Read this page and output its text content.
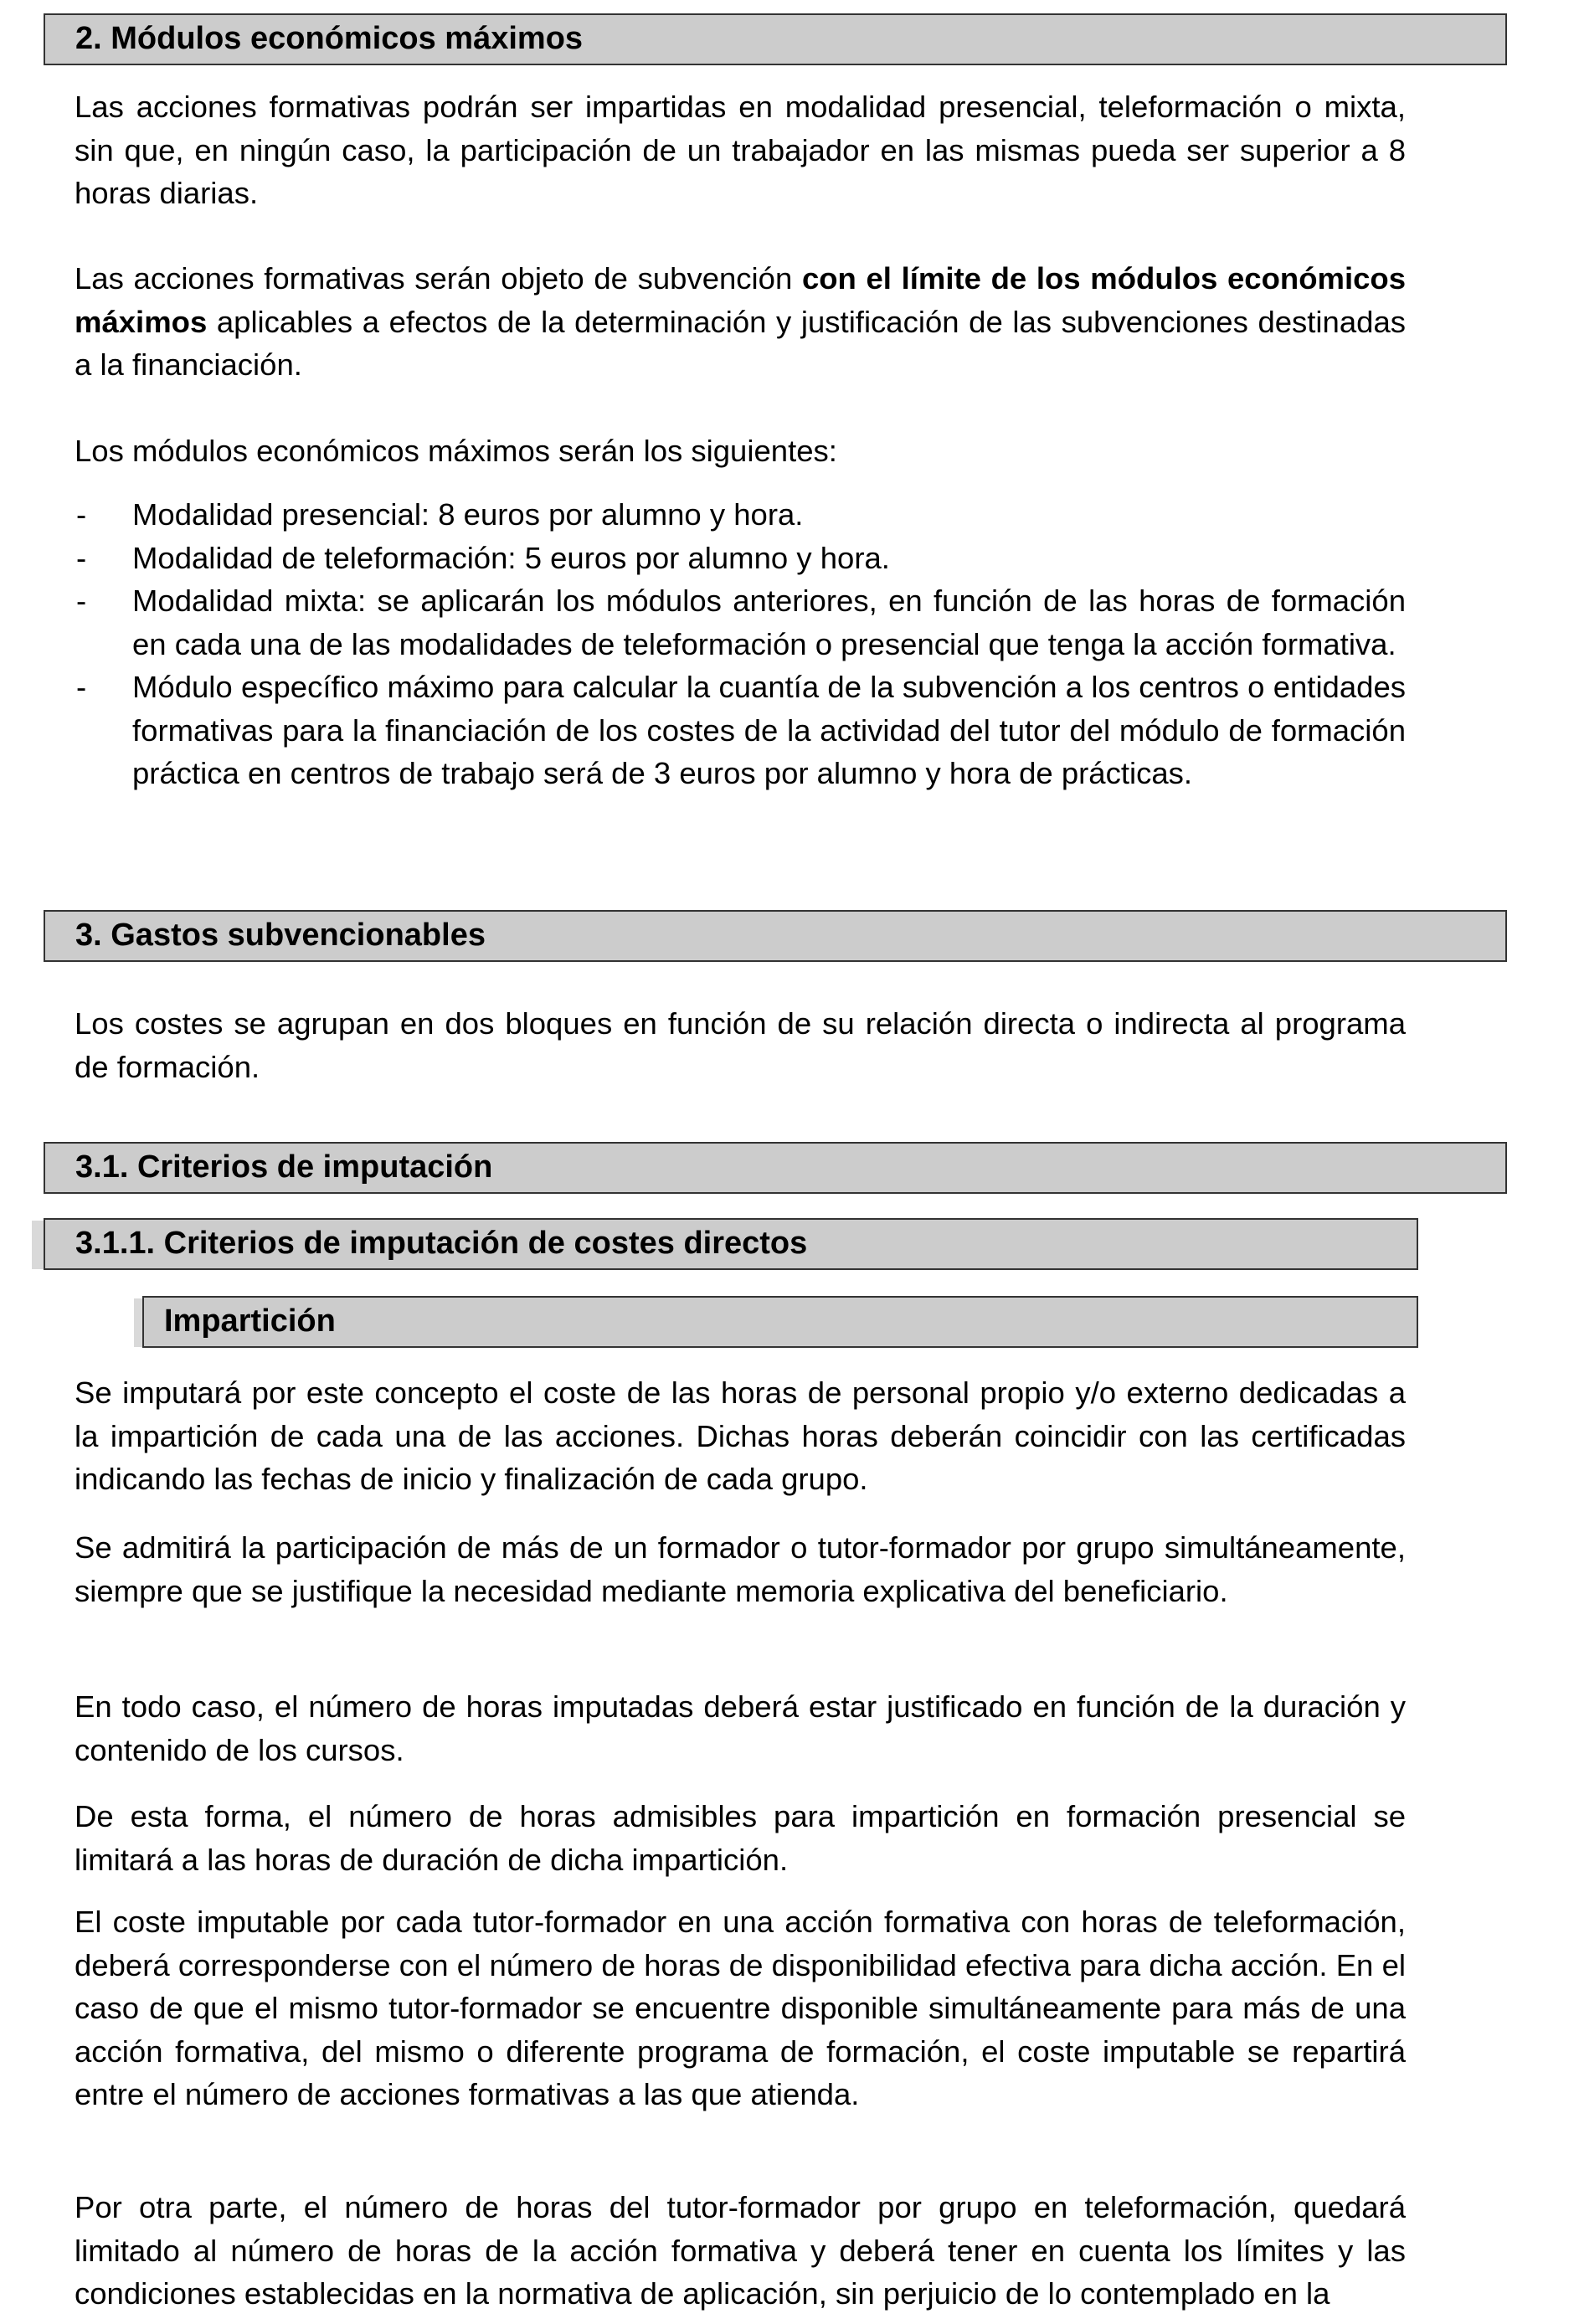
2. Módulos económicos máximos

Las acciones formativas podrán ser impartidas en modalidad presencial, teleformación o mixta, sin que, en ningún caso, la participación de un trabajador en las mismas pueda ser superior a 8 horas diarias.

Las acciones formativas serán objeto de subvención con el límite de los módulos económicos máximos aplicables a efectos de la determinación y justificación de las subvenciones destinadas a la financiación.

Los módulos económicos máximos serán los siguientes:

- Modalidad presencial: 8 euros por alumno y hora.
- Modalidad de teleformación: 5 euros por alumno y hora.
- Modalidad mixta: se aplicarán los módulos anteriores, en función de las horas de formación en cada una de las modalidades de teleformación o presencial que tenga la acción formativa.
- Módulo específico máximo para calcular la cuantía de la subvención a los centros o entidades formativas para la financiación de los costes de la actividad del tutor del módulo de formación práctica en centros de trabajo será de 3 euros por alumno y hora de prácticas.
3. Gastos subvencionables

Los costes se agrupan en dos bloques en función de su relación directa o indirecta al programa de formación.

3.1. Criterios de imputación
3.1.1. Criterios de imputación de costes directos
Impartición

Se imputará por este concepto el coste de las horas de personal propio y/o externo dedicadas a la impartición de cada una de las acciones. Dichas horas deberán coincidir con las certificadas indicando las fechas de inicio y finalización de cada grupo.

Se admitirá la participación de más de un formador o tutor-formador por grupo simultáneamente, siempre que se justifique la necesidad mediante memoria explicativa del beneficiario.

En todo caso, el número de horas imputadas deberá estar justificado en función de la duración y contenido de los cursos.

De esta forma, el número de horas admisibles para impartición en formación presencial se limitará a las horas de duración de dicha impartición.

El coste imputable por cada tutor-formador en una acción formativa con horas de teleformación, deberá corresponderse con el número de horas de disponibilidad efectiva para dicha acción. En el caso de que el mismo tutor-formador se encuentre disponible simultáneamente para más de una acción formativa, del mismo o diferente programa de formación, el coste imputable se repartirá entre el número de acciones formativas a las que atienda.

Por otra parte, el número de horas del tutor-formador por grupo en teleformación, quedará limitado al número de horas de la acción formativa y deberá tener en cuenta los límites y las condiciones establecidas en la normativa de aplicación, sin perjuicio de lo contemplado en la
